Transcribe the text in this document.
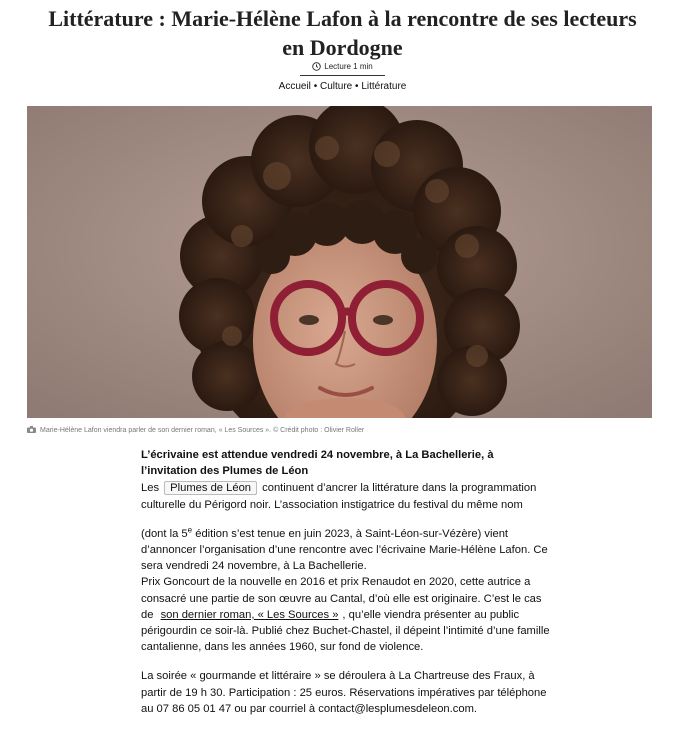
Littérature : Marie-Hélène Lafon à la rencontre de ses lecteurs en Dordogne
Lecture 1 min
Accueil • Culture • Littérature
Marie-Hélène Lafon viendra parler de son dernier roman, « Les Sources ». © Crédit photo : Olivier Roller

L’écrivaine est attendue vendredi 24 novembre, à La Bachellerie, à l’invitation des Plumes de Léon

Les Plumes de Léon continuent d’ancrer la littérature dans la programmation culturelle du Périgord noir. L’association instigatrice du festival du même nom

(dont la 5e édition s’est tenue en juin 2023, à Saint-Léon-sur-Vézère) vient d’annoncer l’organisation d’une rencontre avec l’écrivaine Marie-Hélène Lafon. Ce sera vendredi 24 novembre, à La Bachellerie.

Prix Goncourt de la nouvelle en 2016 et prix Renaudot en 2020, cette autrice a consacré une partie de son œuvre au Cantal, d’où elle est originaire. C’est le cas de son dernier roman, « Les Sources » , qu’elle viendra présenter au public périgourdin ce soir-là. Publié chez Buchet-Chastel, il dépeint l’intimité d’une famille cantalienne, dans les années 1960, sur fond de violence.

La soirée « gourmande et littéraire » se déroulera à La Chartreuse des Fraux, à partir de 19 h 30. Participation : 25 euros. Réservations impératives par téléphone au 07 86 05 01 47 ou par courriel à contact@lesplumesdeleon.com.
